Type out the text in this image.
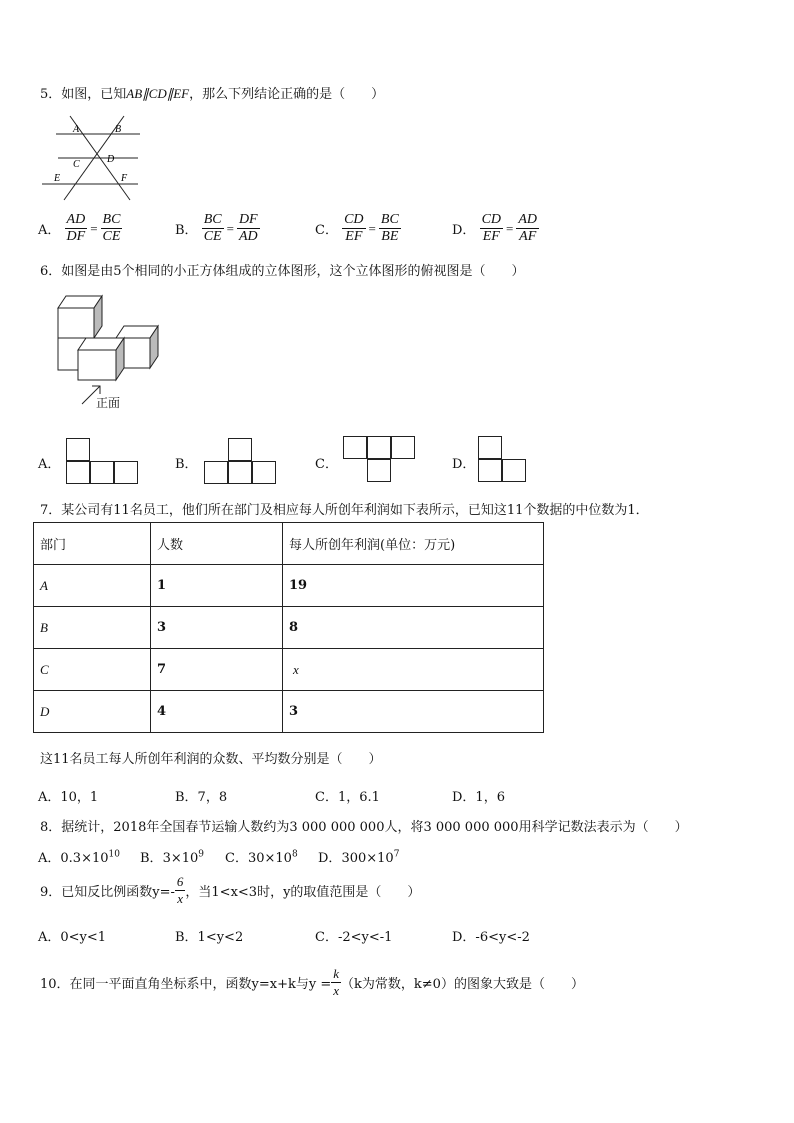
5．如图，已知AB∥CD∥EF，那么下列结论正确的是（　　）
A	B
C	D
E	F
A． $\frac{AD}{DF} = \frac{BC}{CE}$	B． $\frac{BC}{CE} = \frac{DF}{AD}$	C． $\frac{CD}{EF} = \frac{BC}{BE}$	D． $\frac{CD}{EF} = \frac{AD}{AF}$
6．如图是由5个相同的小正方体组成的立体图形，这个立体图形的俯视图是（　　）
正面
A．	B．	C．	D．
7．某公司有11名员工，他们所在部门及相应每人所创年利润如下表所示，已知这11个数据的中位数为1．
部门	人数	每人所创年利润(单位：万元)
A	1	19
B	3	8
C	7	x
D	4	3
这11名员工每人所创年利润的众数、平均数分别是（　　）
A．10，1	B．7，8	C．1，6.1	D．1，6
8．据统计，2018年全国春节运输人数约为3 000 000 000人，将3 000 000 000用科学记数法表示为（　　）
A．$0.3\times 10^{10}$ B．$3\times 10^9$ C．$30\times 10^8$ D．$300\times 10^7$
9．已知反比例函数$y=- \frac{6}{x}$ ，当1<x<3时，y的取值范围是（　　）
A．0<y<1	B．1<y<2	C．-2<y<-1	D．-6<y<-2
10．在同一平面直角坐标系中，函数y=x+k与$y = \frac{k}{x} (k$为常数，k≠0）的图象大致是（　　）
